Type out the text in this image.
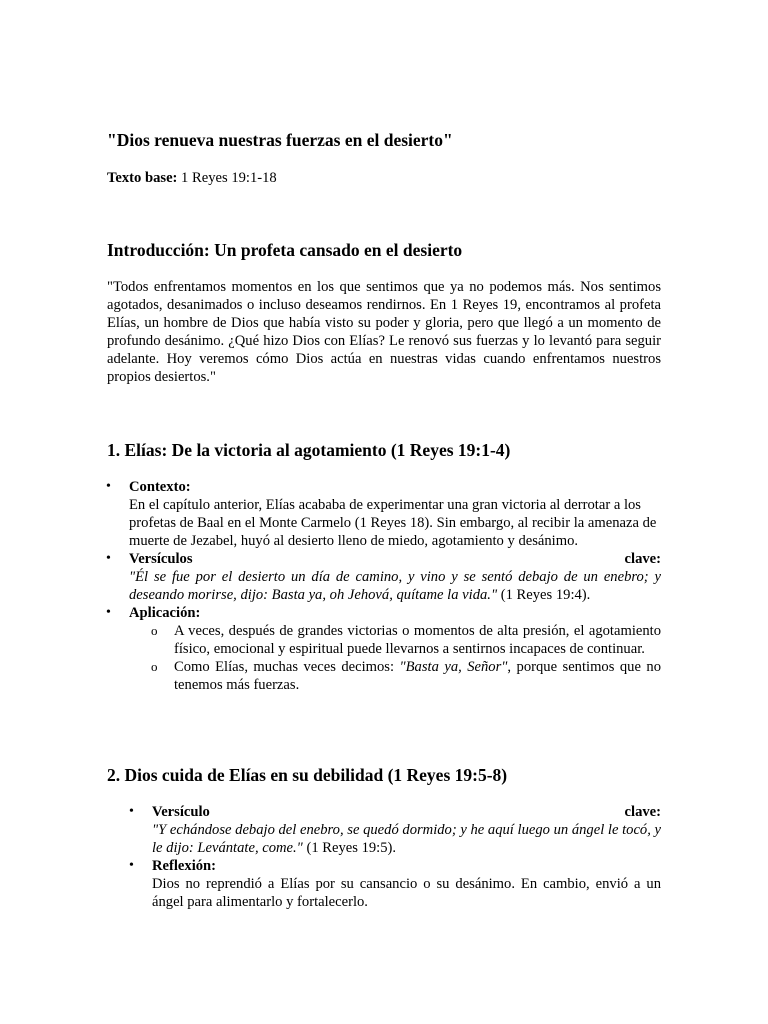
"Dios renueva nuestras fuerzas en el desierto"

Texto base: 1 Reyes 19:1-18

Introducción: Un profeta cansado en el desierto

"Todos enfrentamos momentos en los que sentimos que ya no podemos más. Nos sentimos agotados, desanimados o incluso deseamos rendirnos. En 1 Reyes 19, encontramos al profeta Elías, un hombre de Dios que había visto su poder y gloria, pero que llegó a un momento de profundo desánimo. ¿Qué hizo Dios con Elías? Le renovó sus fuerzas y lo levantó para seguir adelante. Hoy veremos cómo Dios actúa en nuestras vidas cuando enfrentamos nuestros propios desiertos."

1. Elías: De la victoria al agotamiento (1 Reyes 19:1-4)

• Contexto:
En el capítulo anterior, Elías acababa de experimentar una gran victoria al derrotar a los profetas de Baal en el Monte Carmelo (1 Reyes 18). Sin embargo, al recibir la amenaza de muerte de Jezabel, huyó al desierto lleno de miedo, agotamiento y desánimo.
• Versículos	clave:
"Él se fue por el desierto un día de camino, y vino y se sentó debajo de un enebro; y deseando morirse, dijo: Basta ya, oh Jehová, quítame la vida." (1 Reyes 19:4).
• Aplicación:
o A veces, después de grandes victorias o momentos de alta presión, el agotamiento físico, emocional y espiritual puede llevarnos a sentirnos incapaces de continuar.
o Como Elías, muchas veces decimos: "Basta ya, Señor", porque sentimos que no tenemos más fuerzas.

2. Dios cuida de Elías en su debilidad (1 Reyes 19:5-8)

• Versículo	clave:
"Y echándose debajo del enebro, se quedó dormido; y he aquí luego un ángel le tocó, y le dijo: Levántate, come." (1 Reyes 19:5).
• Reflexión:
Dios no reprendió a Elías por su cansancio o su desánimo. En cambio, envió a un ángel para alimentarlo y fortalecerlo.
